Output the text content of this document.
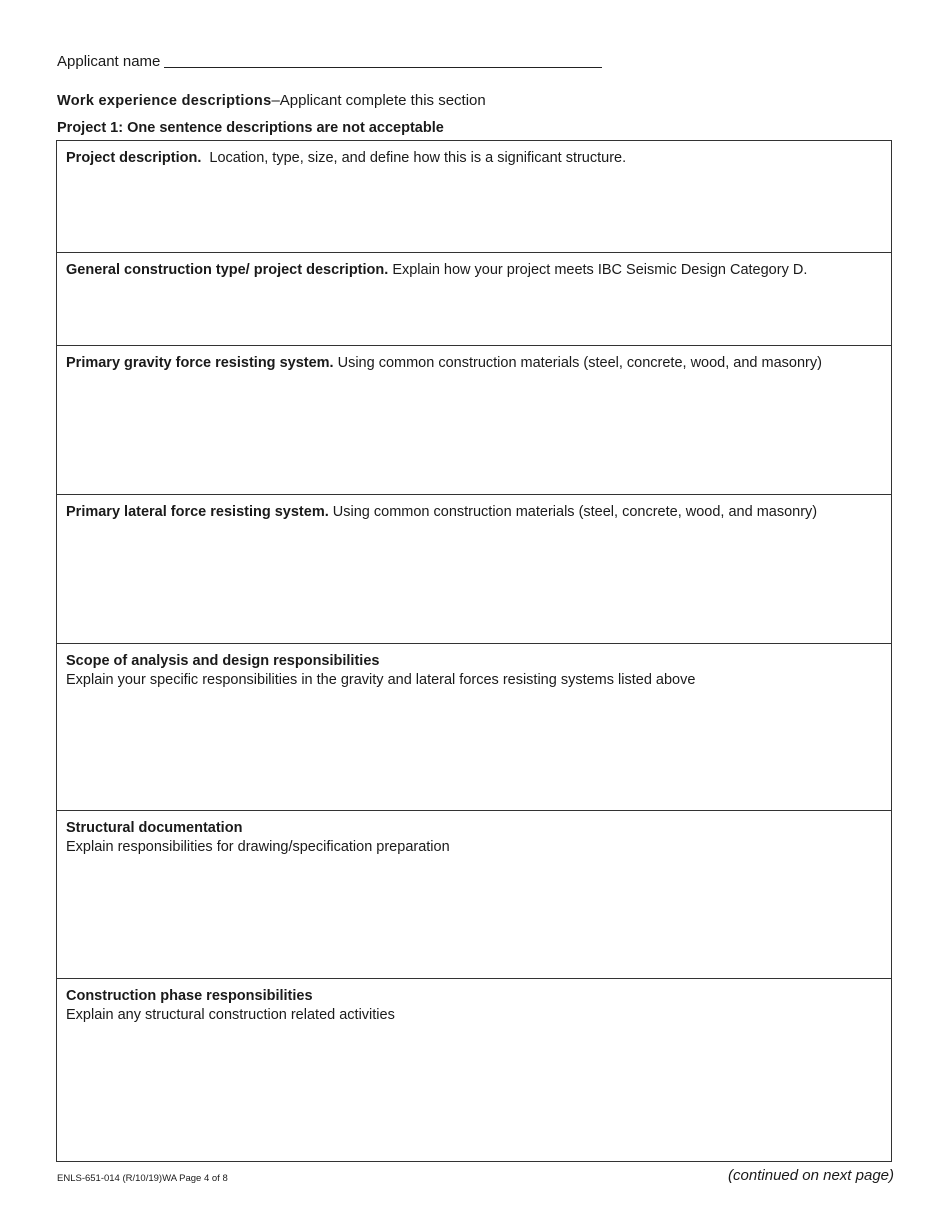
Applicant name
Work experience descriptions–Applicant complete this section
Project 1: One sentence descriptions are not acceptable
Project description.  Location, type, size, and define how this is a significant structure.
General construction type/ project description. Explain how your project meets IBC Seismic Design Category D.
Primary gravity force resisting system. Using common construction materials (steel, concrete, wood, and masonry)
Primary lateral force resisting system. Using common construction materials (steel, concrete, wood, and masonry)
Scope of analysis and design responsibilities
Explain your specific responsibilities in the gravity and lateral forces resisting systems listed above
Structural documentation
Explain responsibilities for drawing/specification preparation
Construction phase responsibilities
Explain any structural construction related activities
ENLS-651-014 (R/10/19)WA Page 4 of 8	(continued on next page)
